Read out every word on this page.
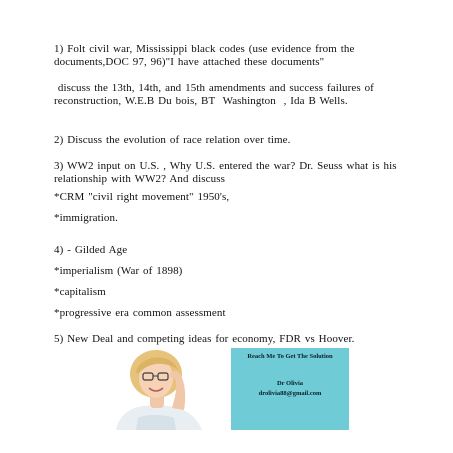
1) Folt civil war, Mississippi black codes (use evidence from the documents,DOC 97, 96)"I have attached these documents"
discuss the 13th, 14th, and 15th amendments and success failures of reconstruction, W.E.B Du bois, BT  Washington  , Ida B Wells.
2) Discuss the evolution of race relation over time.
3) WW2 input on U.S. , Why U.S. entered the war? Dr. Seuss what is his relationship with WW2? And discuss
*CRM "civil right movement" 1950's,
*immigration.
4) - Gilded Age
*imperialism (War of 1898)
*capitalism
*progressive era common assessment
5) New Deal and competing ideas for economy, FDR vs Hoover.
Reach Me To Get The Solution
Dr Olivia
drolivia88@gmail.com
